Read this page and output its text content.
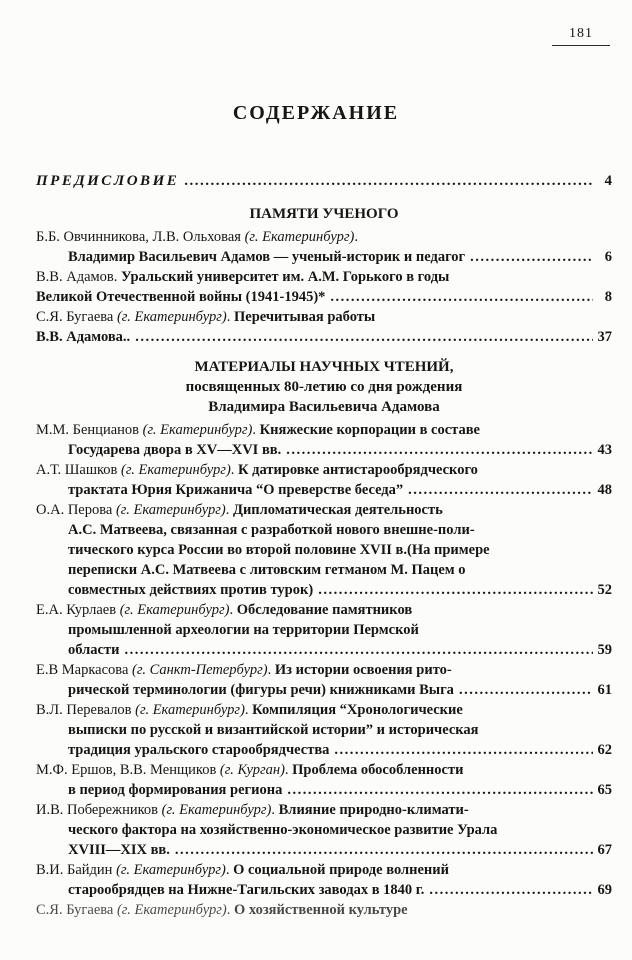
181
СОДЕРЖАНИЕ
ПРЕДИСЛОВИЕ .....	4
ПАМЯТИ УЧЕНОГО
Б.Б. Овчинникова, Л.В. Ольховая (г. Екатеринбург).
Владимир Васильевич Адамов — ученый-историк и педагог .....	6
В.В. Адамов. Уральский университет им. А.М. Горького в годы
Великой Отечественной войны (1941-1945)* .....	8
С.Я. Бугаева (г. Екатеринбург). Перечитывая работы
В.В. Адамова.. .....	37
МАТЕРИАЛЫ НАУЧНЫХ ЧТЕНИЙ,
посвященных 80-летию со дня рождения
Владимира Васильевича Адамова
М.М. Бенцианов (г. Екатеринбург). Княжеские корпорации в составе
Государева двора в XV—XVI вв. .....	43
А.Т. Шашков (г. Екатеринбург). К датировке антистарообрядческого
трактата Юрия Крижанича “О преверстве беседа” .....	48
О.А. Перова (г. Екатеринбург). Дипломатическая деятельность
А.С. Матвеева, связанная с разработкой нового внешне-поли-
тического курса России во второй половине XVII в.(На примере
переписки А.С. Матвеева с литовским гетманом М. Пацем о
совместных действиях против турок) .....	52
Е.А. Курлаев (г. Екатеринбург). Обследование памятников
промышленной археологии на территории Пермской
области .....	59
Е.В Маркасова (г. Санкт-Петербург). Из истории освоения рито-
рической терминологии (фигуры речи) книжниками Выга .....	61
В.Л. Перевалов (г. Екатеринбург). Компиляция “Хронологические
выписки по русской и византийской истории” и историческая
традиция уральского старообрядчества .....	62
М.Ф. Ершов, В.В. Менщиков (г. Курган). Проблема обособленности
в период формирования региона .....	65
И.В. Побережников (г. Екатеринбург). Влияние природно-климати-
ческого фактора на хозяйственно-экономическое развитие Урала
XVIII—XIX вв. .....	67
В.И. Байдин (г. Екатеринбург). О социальной природе волнений
старообрядцев на Нижне-Тагильских заводах в 1840 г. .....	69
С.Я. Бугаева (г. Екатеринбург). О хозяйственной культуре
